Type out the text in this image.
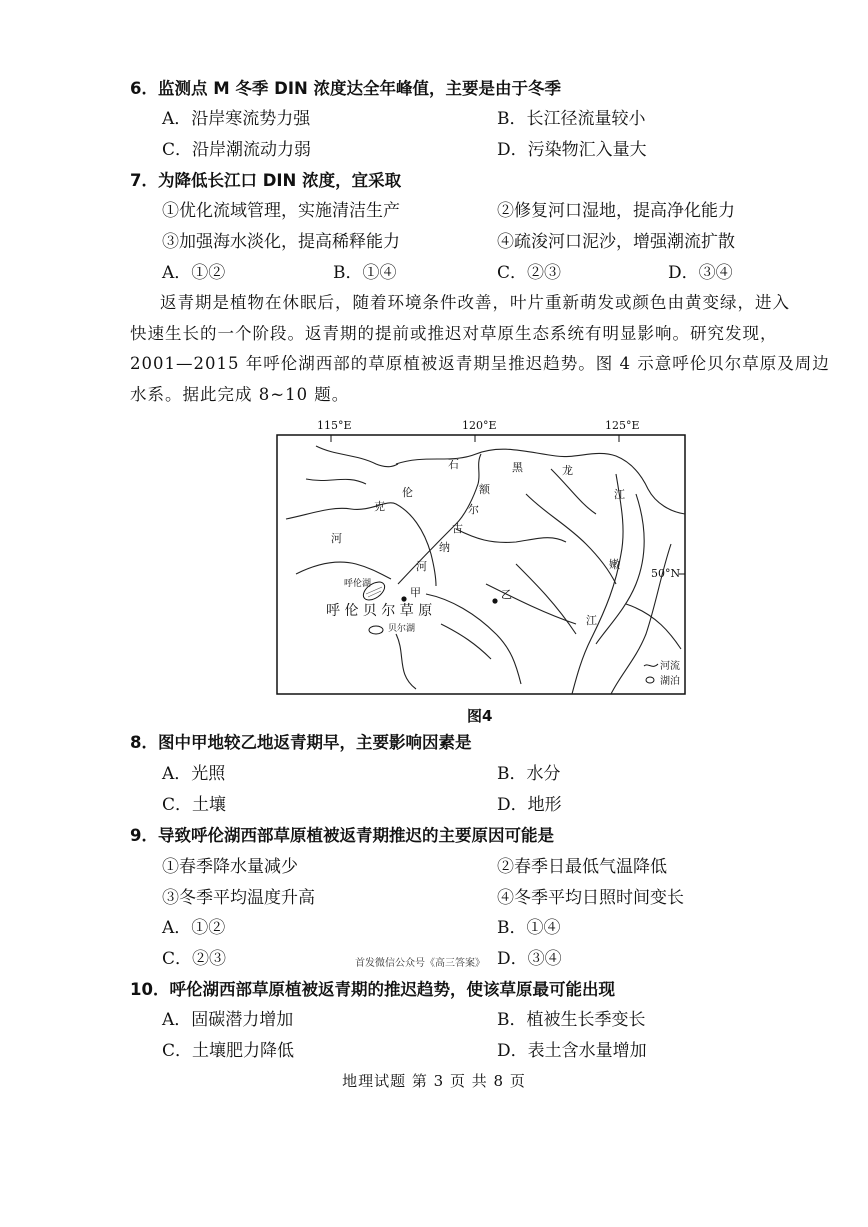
6．监测点 M 冬季 DIN 浓度达全年峰值，主要是由于冬季
A．沿岸寒流势力强	B．长江径流量较小
C．沿岸潮流动力弱	D．污染物汇入量大
7．为降低长江口 DIN 浓度，宜采取
①优化流域管理，实施清洁生产	②修复河口湿地，提高净化能力
③加强海水淡化，提高稀释能力	④疏浚河口泥沙，增强潮流扩散
A．①②	B．①④	C．②③	D．③④
返青期是植物在休眠后，随着环境条件改善，叶片重新萌发或颜色由黄变绿，进入
快速生长的一个阶段。返青期的提前或推迟对草原生态系统有明显影响。研究发现，
2001—2015 年呼伦湖西部的草原植被返青期呈推迟趋势。图 4 示意呼伦贝尔草原及周边
水系。据此完成 8~10 题。
石	黑	龙
江
额
尔
古
纳
河
克
伦
河
呼伦湖
甲	乙
呼 伦 贝 尔 草 原
贝尔湖
嫩
江
河流
湖泊
115°E	120°E	125°E
50°N
图4
8．图中甲地较乙地返青期早，主要影响因素是
A．光照	B．水分
C．土壤	D．地形
9．导致呼伦湖西部草原植被返青期推迟的主要原因可能是
①春季降水量减少	②春季日最低气温降低
③冬季平均温度升高	④冬季平均日照时间变长
A．①②	B．①④
C．②③	首发微信公众号《高三答案》 D．③④
10．呼伦湖西部草原植被返青期的推迟趋势，使该草原最可能出现
A．固碳潜力增加	B．植被生长季变长
C．土壤肥力降低	D．表土含水量增加
地理试题 第 3 页 共 8 页
